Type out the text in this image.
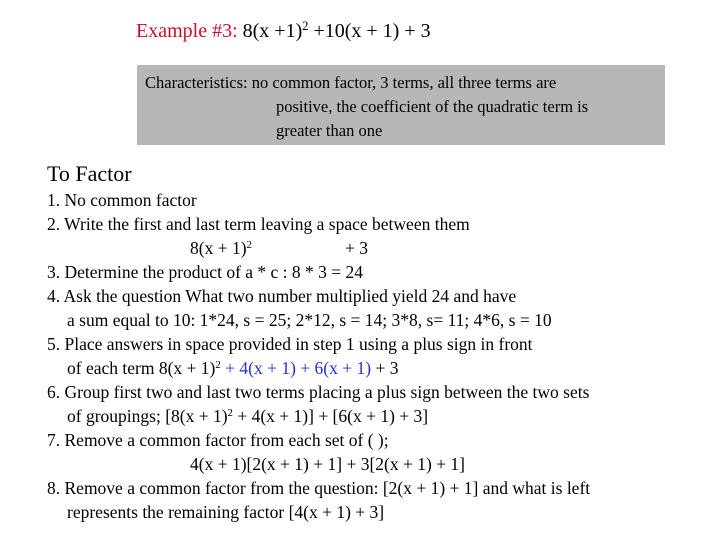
Example #3: $8(x +1)^2 +10(x + 1) + 3$
Characteristics: no common factor, 3 terms, all three terms are
positive, the coefficient of the quadratic term is
greater than one
To Factor
1. No common factor
2. Write the first and last term leaving a space between them
$8(x + 1)^2$	+ 3
3. Determine the product of a * c : 8 * 3 = 24
4. Ask the question What two number multiplied yield 24 and have
a sum equal to 10: 1*24, s = 25; 2*12, s = 14; 3*8, s= 11; 4*6, s = 10
5. Place answers in space provided in step 1 using a plus sign in front
of each term $8(x + 1)^2 + 4(x + 1) + 6(x + 1) + 3$
6. Group first two and last two terms placing a plus sign between the two sets
of groupings; $[8(x + 1)^2 + 4(x + 1)] + [6(x + 1) + 3]$
7. Remove a common factor from each set of ( );
4(x + 1)[2(x + 1) + 1] + 3[2(x + 1) + 1]
8. Remove a common factor from the question: [2(x + 1) + 1] and what is left
represents the remaining factor [4(x + 1) + 3]
